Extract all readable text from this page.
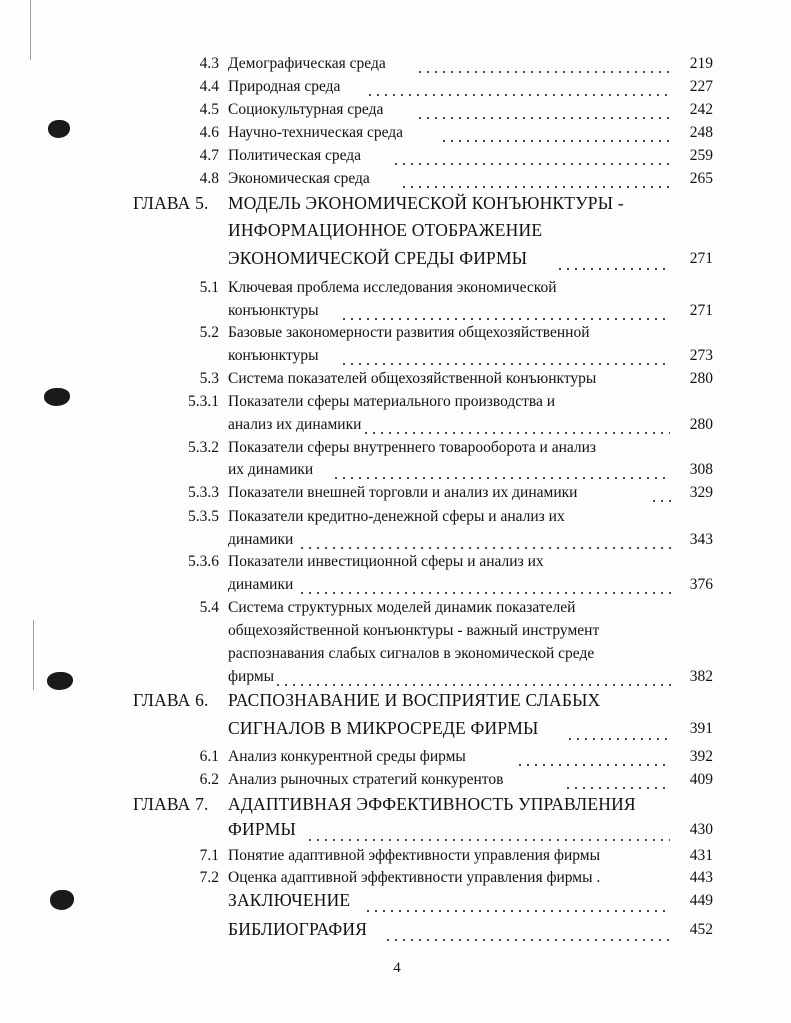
4.3 Демографическая среда	219
4.4 Природная среда	227
4.5 Социокультурная среда	242
4.6 Научно-техническая среда	248
4.7 Политическая среда	259
4.8 Экономическая среда	265
ГЛАВА 5. МОДЕЛЬ ЭКОНОМИЧЕСКОЙ КОНЪЮНКТУРЫ -
ИНФОРМАЦИОННОЕ ОТОБРАЖЕНИЕ
ЭКОНОМИЧЕСКОЙ СРЕДЫ ФИРМЫ	271
5.1 Ключевая проблема исследования экономической
конъюнктуры	271
5.2 Базовые закономерности развития общехозяйственной
конъюнктуры	273
5.3 Система показателей общехозяйственной конъюнктуры	280
5.3.1 Показатели сферы материального производства и
анализ их динамики	280
5.3.2 Показатели сферы внутреннего товарооборота и анализ
их динамики	308
5.3.3 Показатели внешней торговли и анализ их динамики	329
5.3.5 Показатели кредитно-денежной сферы и анализ их
динамики	343
5.3.6 Показатели инвестиционной сферы и анализ их
динамики	376
5.4 Система структурных моделей динамик показателей
общехозяйственной конъюнктуры - важный инструмент
распознавания слабых сигналов в экономической среде
фирмы	382
ГЛАВА 6. РАСПОЗНАВАНИЕ И ВОСПРИЯТИЕ СЛАБЫХ
СИГНАЛОВ В МИКРОСРЕДЕ ФИРМЫ	391
6.1 Анализ конкурентной среды фирмы	392
6.2 Анализ рыночных стратегий конкурентов	409
ГЛАВА 7. АДАПТИВНАЯ ЭФФЕКТИВНОСТЬ УПРАВЛЕНИЯ
ФИРМЫ	430
7.1 Понятие адаптивной эффективности управления фирмы	431
7.2 Оценка адаптивной эффективности управления фирмы .	443
ЗАКЛЮЧЕНИЕ	449
БИБЛИОГРАФИЯ	452
4
